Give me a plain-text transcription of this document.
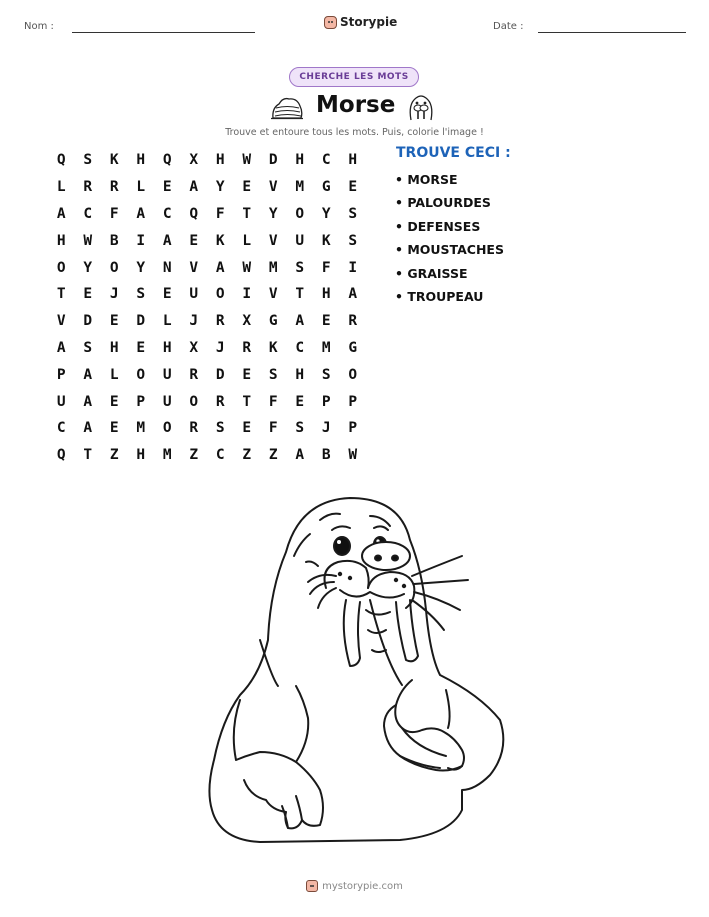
Nom :	Storypie	Date :
CHERCHE LES MOTS
Morse
Trouve et entoure tous les mots. Puis, colorie l'image !
Q	S	K	H	Q	X	H	W	D	H	C	H
L	R	R	L	E	A	Y	E	V	M	G	E
A	C	F	A	C	Q	F	T	Y	O	Y	S
H	W	B	I	A	E	K	L	V	U	K	S
O	Y	O	Y	N	V	A	W	M	S	F	I
T	E	J	S	E	U	O	I	V	T	H	A
V	D	E	D	L	J	R	X	G	A	E	R
A	S	H	E	H	X	J	R	K	C	M	G
P	A	L	O	U	R	D	E	S	H	S	O
U	A	E	P	U	O	R	T	F	E	P	P
C	A	E	M	O	R	S	E	F	S	J	P
Q	T	Z	H	M	Z	C	Z	Z	A	B	W
TROUVE CECI :
• MORSE
• PALOURDES
• DEFENSES
• MOUSTACHES
• GRAISSE
• TROUPEAU
mystorypie.com
